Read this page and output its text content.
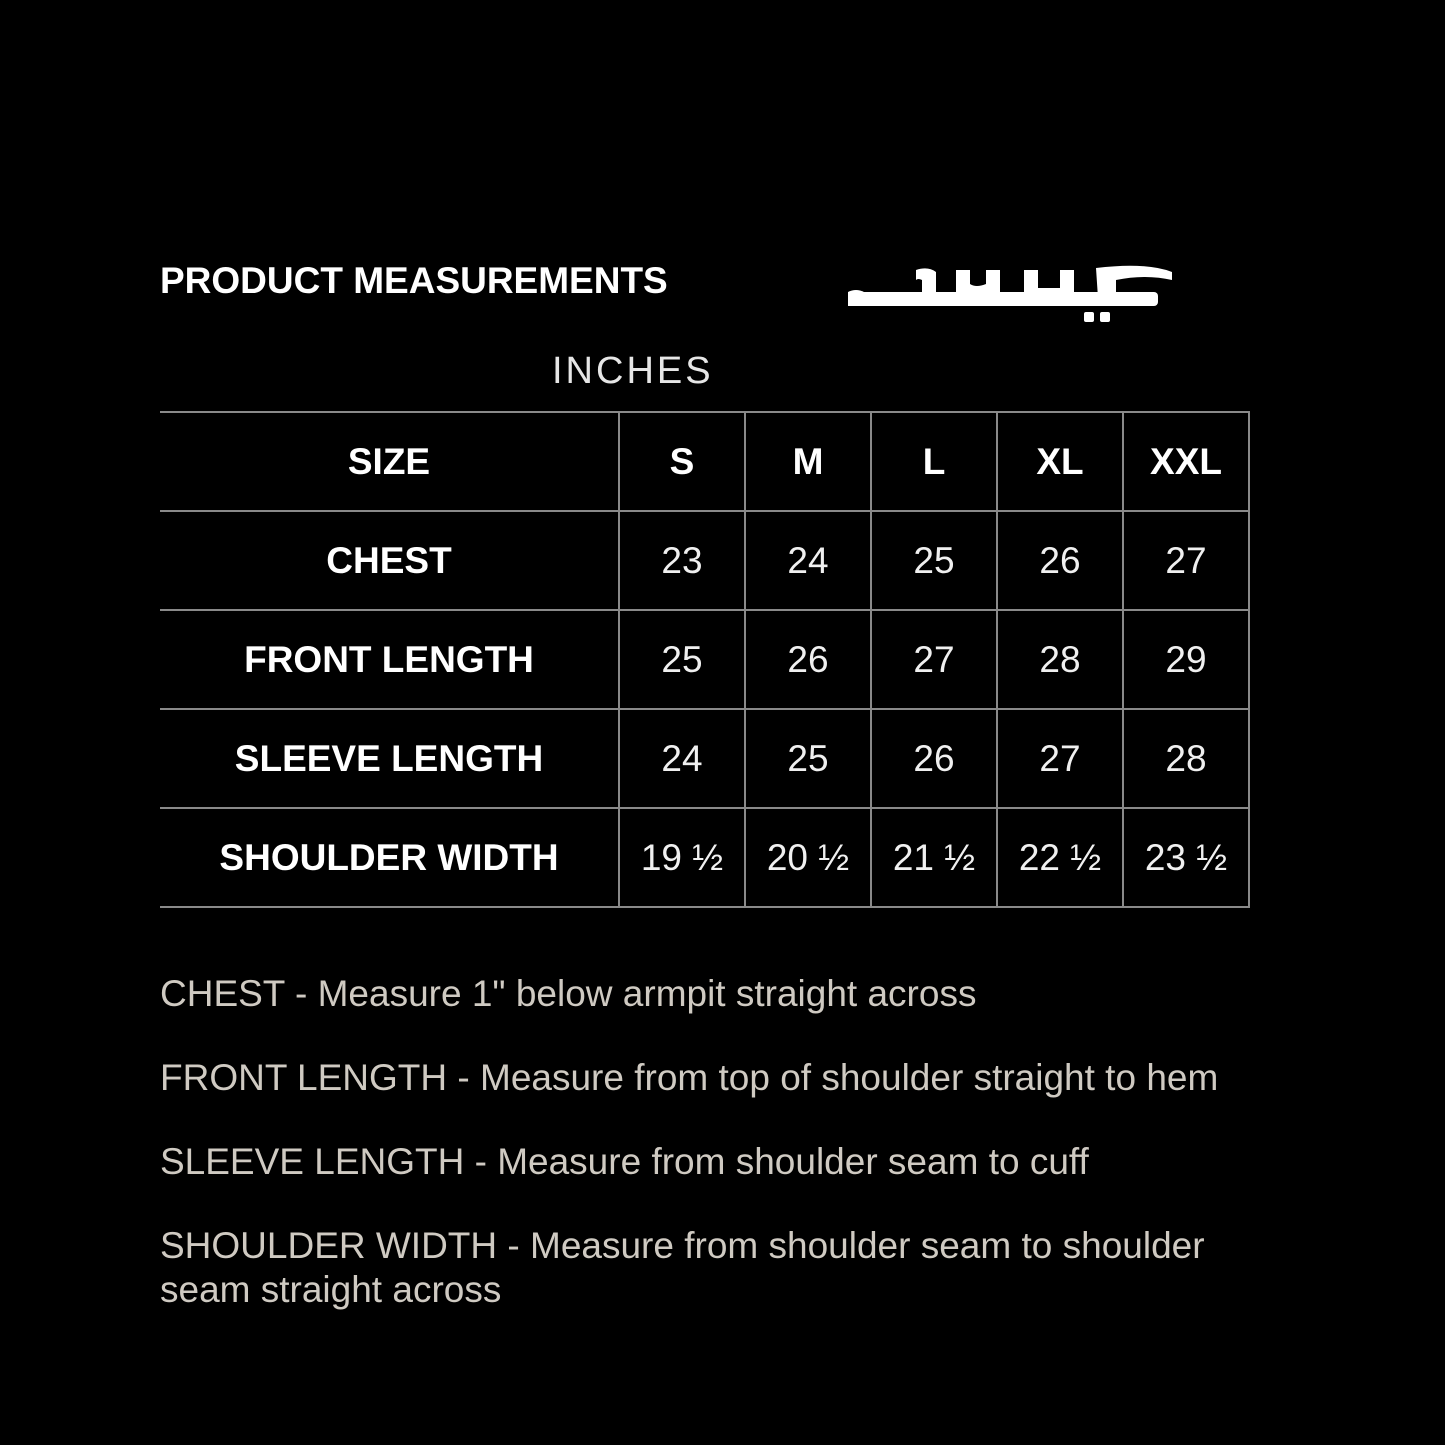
PRODUCT MEASUREMENTS
INCHES
SIZE	S	M	L	XL	XXL
CHEST	23	24	25	26	27
FRONT LENGTH	25	26	27	28	29
SLEEVE LENGTH	24	25	26	27	28
SHOULDER WIDTH	19 ½	20 ½	21 ½	22 ½	23 ½

CHEST - Measure 1" below armpit straight across

FRONT LENGTH - Measure from top of shoulder straight to hem

SLEEVE LENGTH - Measure from shoulder seam to cuff

SHOULDER WIDTH - Measure from shoulder seam to shoulder seam straight across
